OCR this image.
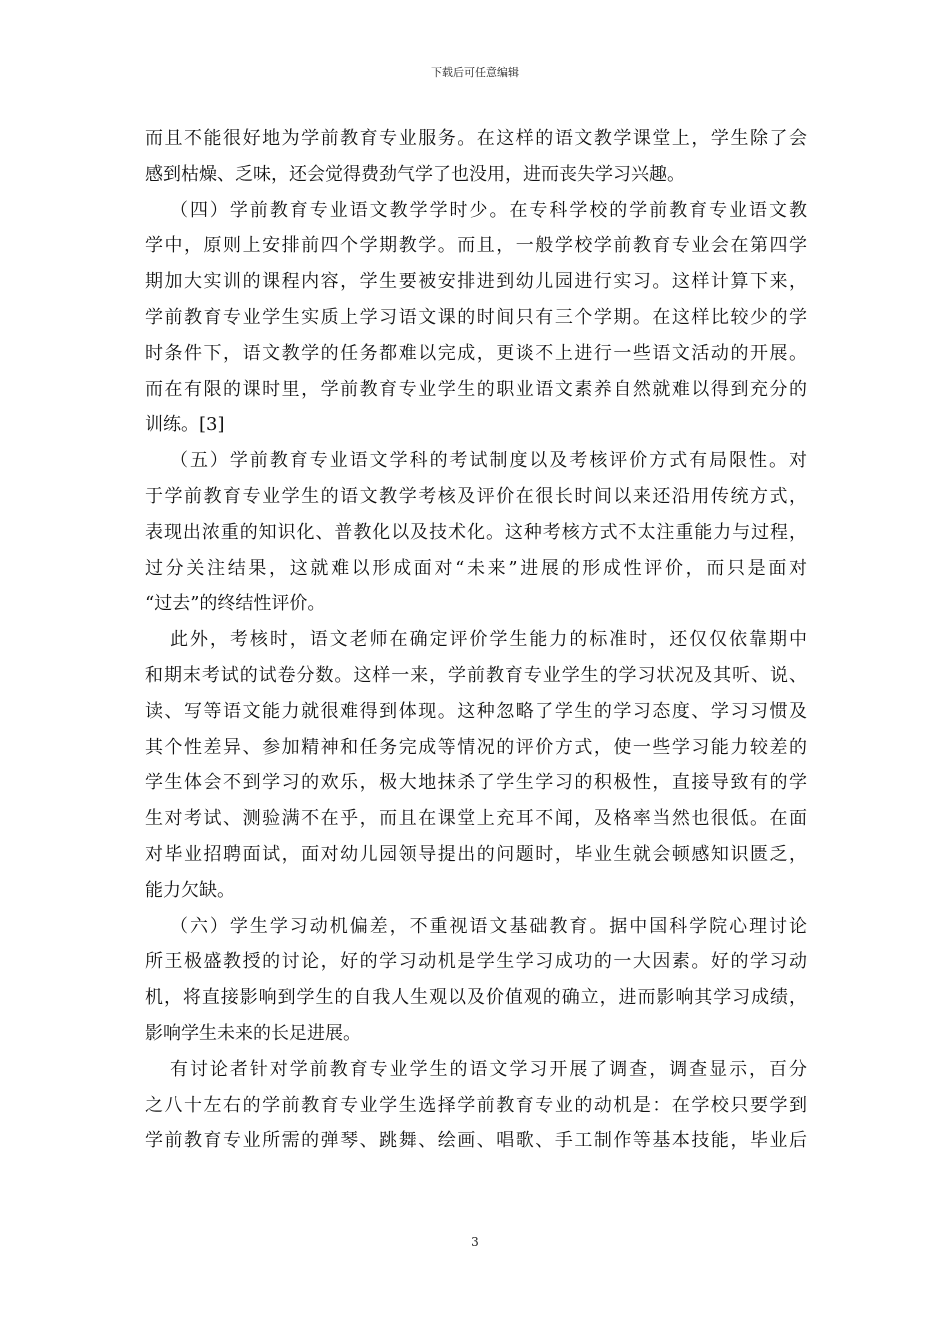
下载后可任意编辑
而且不能很好地为学前教育专业服务。在这样的语文教学课堂上，学生除了会
感到枯燥、乏味，还会觉得费劲气学了也没用，进而丧失学习兴趣。
（四）学前教育专业语文教学学时少。在专科学校的学前教育专业语文教
学中，原则上安排前四个学期教学。而且，一般学校学前教育专业会在第四学
期加大实训的课程内容，学生要被安排进到幼儿园进行实习。这样计算下来，
学前教育专业学生实质上学习语文课的时间只有三个学期。在这样比较少的学
时条件下，语文教学的任务都难以完成，更谈不上进行一些语文活动的开展。
而在有限的课时里，学前教育专业学生的职业语文素养自然就难以得到充分的
训练。[3]
（五）学前教育专业语文学科的考试制度以及考核评价方式有局限性。对
于学前教育专业学生的语文教学考核及评价在很长时间以来还沿用传统方式，
表现出浓重的知识化、普教化以及技术化。这种考核方式不太注重能力与过程，
过分关注结果，这就难以形成面对“未来”进展的形成性评价，而只是面对
“过去”的终结性评价。
此外，考核时，语文老师在确定评价学生能力的标准时，还仅仅依靠期中
和期末考试的试卷分数。这样一来，学前教育专业学生的学习状况及其听、说、
读、写等语文能力就很难得到体现。这种忽略了学生的学习态度、学习习惯及
其个性差异、参加精神和任务完成等情况的评价方式，使一些学习能力较差的
学生体会不到学习的欢乐，极大地抹杀了学生学习的积极性，直接导致有的学
生对考试、测验满不在乎，而且在课堂上充耳不闻，及格率当然也很低。在面
对毕业招聘面试，面对幼儿园领导提出的问题时，毕业生就会顿感知识匮乏，
能力欠缺。
（六）学生学习动机偏差，不重视语文基础教育。据中国科学院心理讨论
所王极盛教授的讨论，好的学习动机是学生学习成功的一大因素。好的学习动
机，将直接影响到学生的自我人生观以及价值观的确立，进而影响其学习成绩，
影响学生未来的长足进展。
有讨论者针对学前教育专业学生的语文学习开展了调查，调查显示，百分
之八十左右的学前教育专业学生选择学前教育专业的动机是：在学校只要学到
学前教育专业所需的弹琴、跳舞、绘画、唱歌、手工制作等基本技能，毕业后
3
